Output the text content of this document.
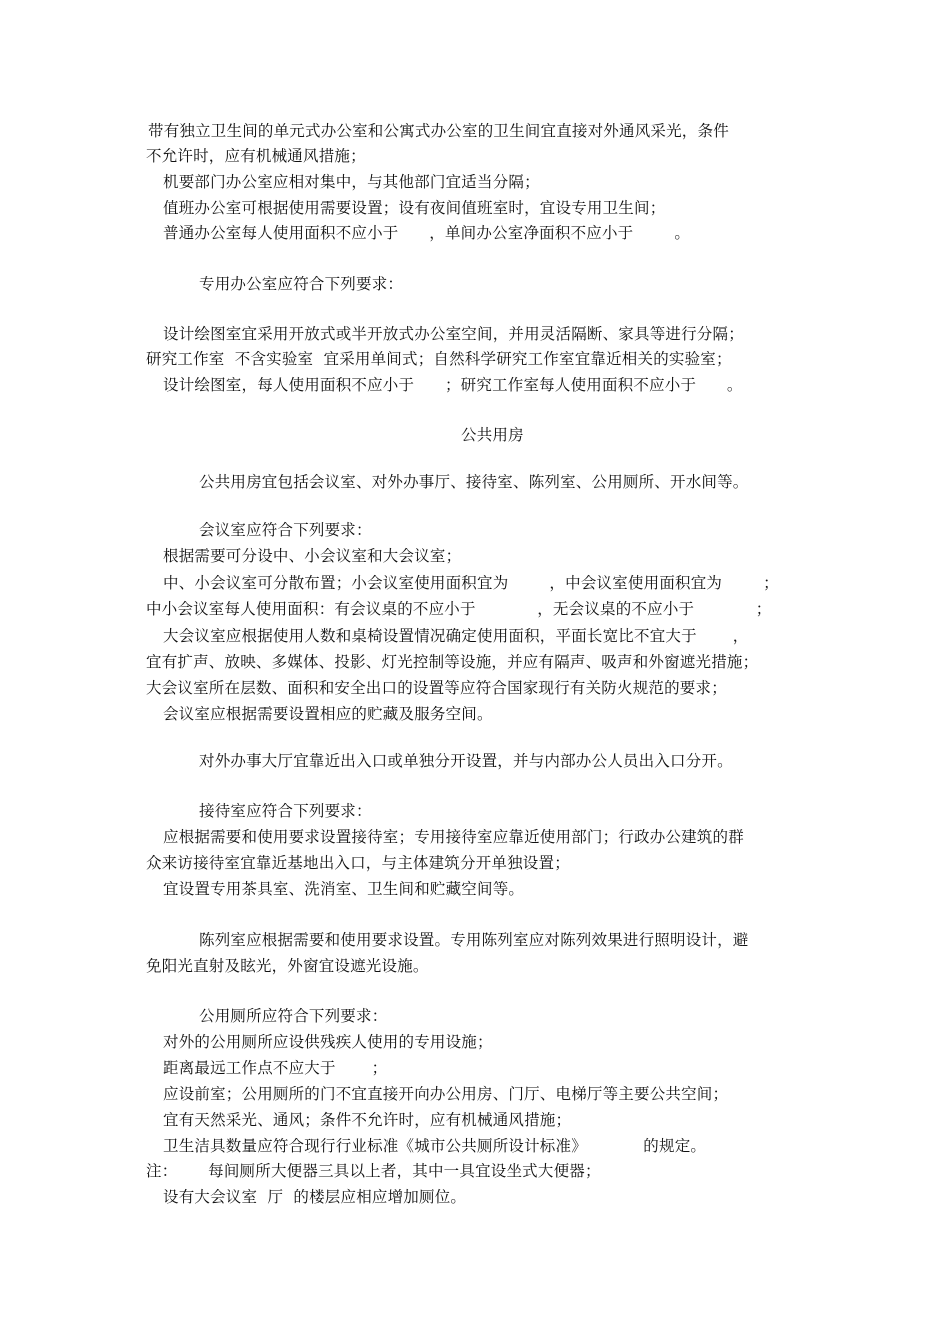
带有独立卫生间的单元式办公室和公寓式办公室的卫生间宜直接对外通风采光，条件
不允许时，应有机械通风措施；
机要部门办公室应相对集中，与其他部门宜适当分隔；
值班办公室可根据使用需要设置；设有夜间值班室时，宜设专用卫生间；
普通办公室每人使用面积不应小于      ，单间办公室净面积不应小于        。
专用办公室应符合下列要求：
设计绘图室宜采用开放式或半开放式办公室空间，并用灵活隔断、家具等进行分隔；
研究工作室  不含实验室  宜采用单间式；自然科学研究工作室宜靠近相关的实验室；
设计绘图室，每人使用面积不应小于      ；研究工作室每人使用面积不应小于      。
公共用房
公共用房宜包括会议室、对外办事厅、接待室、陈列室、公用厕所、开水间等。
会议室应符合下列要求：
根据需要可分设中、小会议室和大会议室；
中、小会议室可分散布置；小会议室使用面积宜为        ，中会议室使用面积宜为        ；
中小会议室每人使用面积：有会议桌的不应小于            ，无会议桌的不应小于            ；
大会议室应根据使用人数和桌椅设置情况确定使用面积，平面长宽比不宜大于       ，
宜有扩声、放映、多媒体、投影、灯光控制等设施，并应有隔声、吸声和外窗遮光措施；
大会议室所在层数、面积和安全出口的设置等应符合国家现行有关防火规范的要求；
会议室应根据需要设置相应的贮藏及服务空间。
对外办事大厅宜靠近出入口或单独分开设置，并与内部办公人员出入口分开。
接待室应符合下列要求：
应根据需要和使用要求设置接待室；专用接待室应靠近使用部门；行政办公建筑的群
众来访接待室宜靠近基地出入口，与主体建筑分开单独设置；
宜设置专用茶具室、洗消室、卫生间和贮藏空间等。
陈列室应根据需要和使用要求设置。专用陈列室应对陈列效果进行照明设计，避
免阳光直射及眩光，外窗宜设遮光设施。
公用厕所应符合下列要求：
对外的公用厕所应设供残疾人使用的专用设施；
距离最远工作点不应大于       ；
应设前室；公用厕所的门不宜直接开向办公用房、门厅、电梯厅等主要公共空间；
宜有天然采光、通风；条件不允许时，应有机械通风措施；
卫生洁具数量应符合现行行业标准《城市公共厕所设计标准》           的规定。
注：      每间厕所大便器三具以上者，其中一具宜设坐式大便器；
设有大会议室  厅  的楼层应相应增加厕位。
